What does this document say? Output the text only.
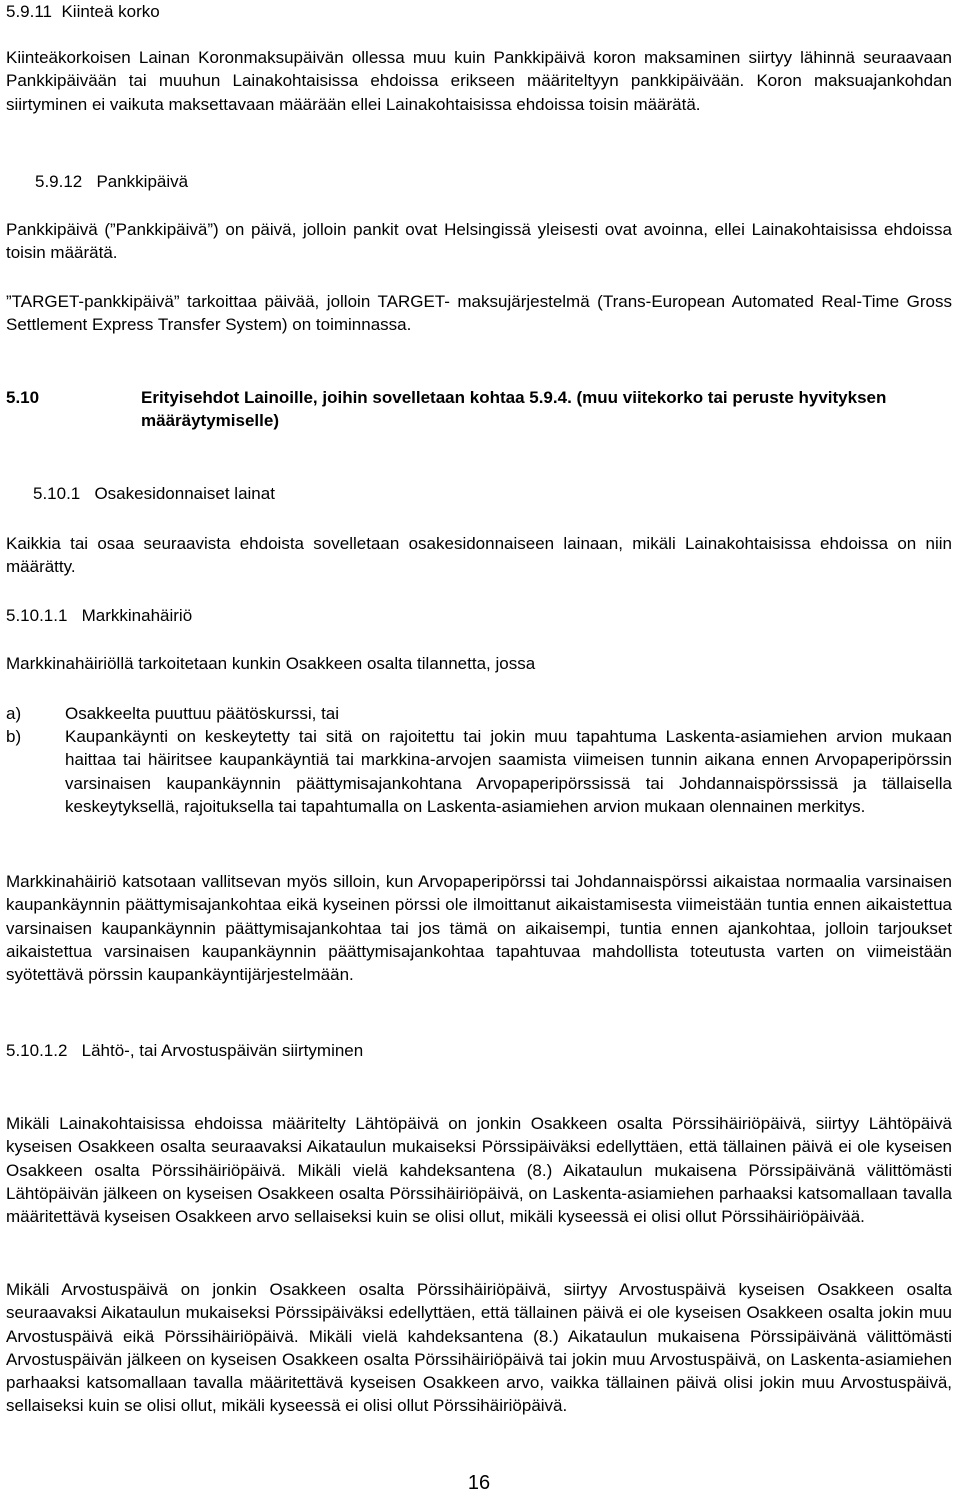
5.9.11 Kiinteä korko

Kiinteäkorkoisen Lainan Koronmaksupäivän ollessa muu kuin Pankkipäivä koron maksaminen siirtyy lähinnä seuraavaan Pankkipäivään tai muuhun Lainakohtaisissa ehdoissa erikseen määriteltyyn pankkipäivään. Koron maksuajankohdan siirtyminen ei vaikuta maksettavaan määrään ellei Lainakohtaisissa ehdoissa toisin määrätä.

5.9.12 Pankkipäivä

Pankkipäivä (”Pankkipäivä”) on päivä, jolloin pankit ovat Helsingissä yleisesti ovat avoinna, ellei Lainakohtaisissa ehdoissa toisin määrätä.

”TARGET-pankkipäivä” tarkoittaa päivää, jolloin TARGET- maksujärjestelmä (Trans-European Automated Real-Time Gross Settlement Express Transfer System) on toiminnassa.

5.10	Erityisehdot Lainoille, joihin sovelletaan kohtaa 5.9.4. (muu viitekorko tai peruste hyvityksen määräytymiselle)
5.10.1 Osakesidonnaiset lainat

Kaikkia tai osaa seuraavista ehdoista sovelletaan osakesidonnaiseen lainaan, mikäli Lainakohtaisissa ehdoissa on niin määrätty.

5.10.1.1 Markkinahäiriö

Markkinahäiriöllä tarkoitetaan kunkin Osakkeen osalta tilannetta, jossa

a)	Osakkeelta puuttuu päätöskurssi, tai
b)	Kaupankäynti on keskeytetty tai sitä on rajoitettu tai jokin muu tapahtuma Laskenta-asiamiehen arvion mukaan haittaa tai häiritsee kaupankäyntiä tai markkina-arvojen saamista viimeisen tunnin aikana ennen Arvopaperipörssin varsinaisen kaupankäynnin päättymisajankohtana Arvopaperipörssissä tai Johdannaispörssissä ja tällaisella keskeytyksellä, rajoituksella tai tapahtumalla on Laskenta-asiamiehen arvion mukaan olennainen merkitys.

Markkinahäiriö katsotaan vallitsevan myös silloin, kun Arvopaperipörssi tai Johdannaispörssi aikaistaa normaalia varsinaisen kaupankäynnin päättymisajankohtaa eikä kyseinen pörssi ole ilmoittanut aikaistamisesta viimeistään tuntia ennen aikaistettua varsinaisen kaupankäynnin päättymisajankohtaa tai jos tämä on aikaisempi, tuntia ennen ajankohtaa, jolloin tarjoukset aikaistettua varsinaisen kaupankäynnin päättymisajankohtaa tapahtuvaa mahdollista toteutusta varten on viimeistään syötettävä pörssin kaupankäyntijärjestelmään.

5.10.1.2 Lähtö-, tai Arvostuspäivän siirtyminen

Mikäli Lainakohtaisissa ehdoissa määritelty Lähtöpäivä on jonkin Osakkeen osalta Pörssihäiriöpäivä, siirtyy Lähtöpäivä kyseisen Osakkeen osalta seuraavaksi Aikataulun mukaiseksi Pörssipäiväksi edellyttäen, että tällainen päivä ei ole kyseisen Osakkeen osalta Pörssihäiriöpäivä. Mikäli vielä kahdeksantena (8.) Aikataulun mukaisena Pörssipäivänä välittömästi Lähtöpäivän jälkeen on kyseisen Osakkeen osalta Pörssihäiriöpäivä, on Laskenta-asiamiehen parhaaksi katsomallaan tavalla määritettävä kyseisen Osakkeen arvo sellaiseksi kuin se olisi ollut, mikäli kyseessä ei olisi ollut Pörssihäiriöpäivää.

Mikäli Arvostuspäivä on jonkin Osakkeen osalta Pörssihäiriöpäivä, siirtyy Arvostuspäivä kyseisen Osakkeen osalta seuraavaksi Aikataulun mukaiseksi Pörssipäiväksi edellyttäen, että tällainen päivä ei ole kyseisen Osakkeen osalta jokin muu Arvostuspäivä eikä Pörssihäiriöpäivä. Mikäli vielä kahdeksantena (8.) Aikataulun mukaisena Pörssipäivänä välittömästi Arvostuspäivän jälkeen on kyseisen Osakkeen osalta Pörssihäiriöpäivä tai jokin muu Arvostuspäivä, on Laskenta-asiamiehen parhaaksi katsomallaan tavalla määritettävä kyseisen Osakkeen arvo, vaikka tällainen päivä olisi jokin muu Arvostuspäivä, sellaiseksi kuin se olisi ollut, mikäli kyseessä ei olisi ollut Pörssihäiriöpäivä.

16
